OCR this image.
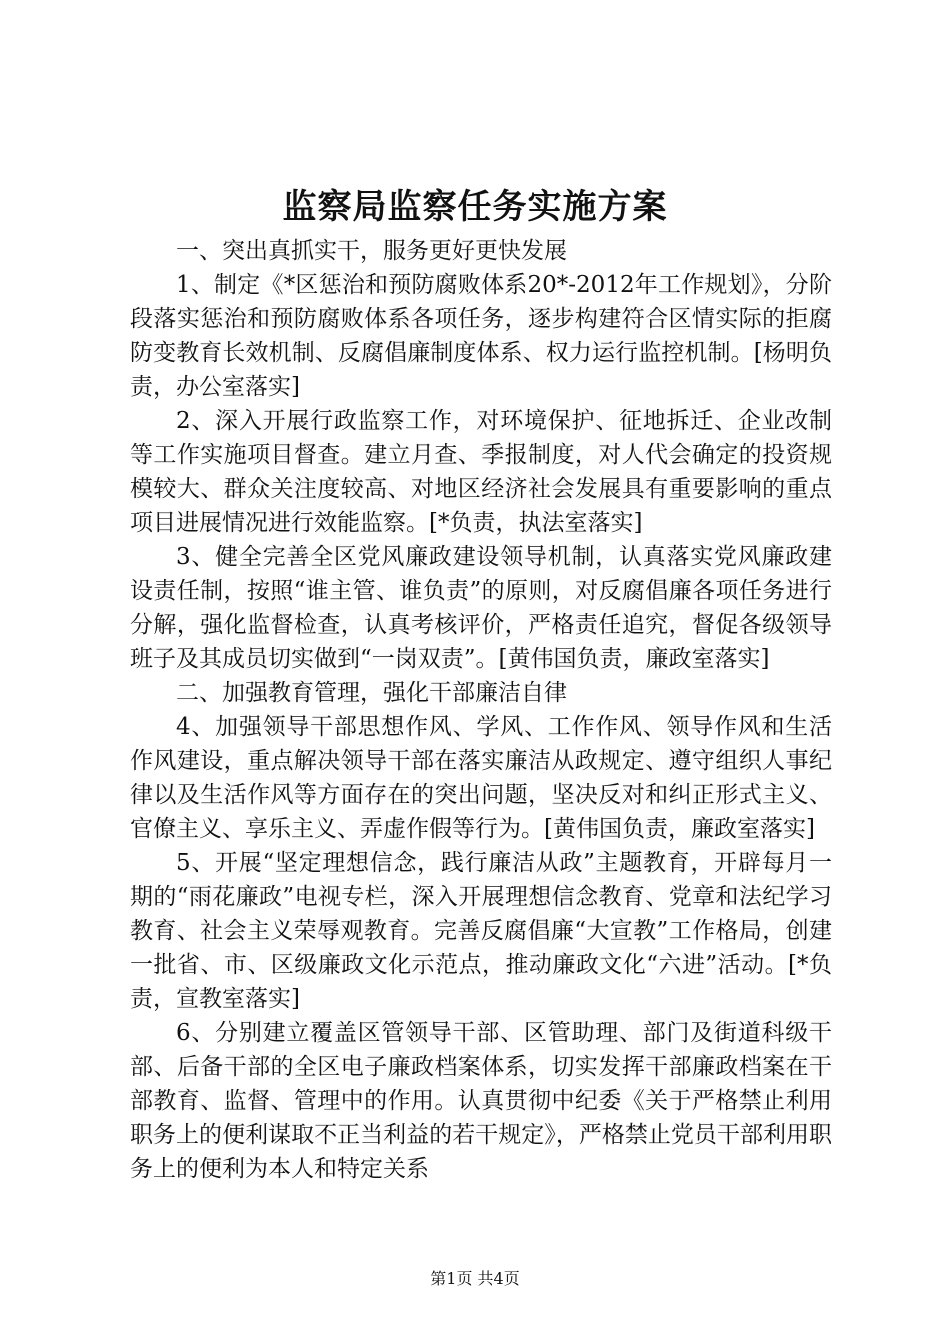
监察局监察任务实施方案

一、突出真抓实干，服务更好更快发展

1、制定《*区惩治和预防腐败体系20*-2012年工作规划》，分阶段落实惩治和预防腐败体系各项任务，逐步构建符合区情实际的拒腐防变教育长效机制、反腐倡廉制度体系、权力运行监控机制。[杨明负责，办公室落实]

2、深入开展行政监察工作，对环境保护、征地拆迁、企业改制等工作实施项目督查。建立月查、季报制度，对人代会确定的投资规模较大、群众关注度较高、对地区经济社会发展具有重要影响的重点项目进展情况进行效能监察。[*负责，执法室落实]

3、健全完善全区党风廉政建设领导机制，认真落实党风廉政建设责任制，按照“谁主管、谁负责”的原则，对反腐倡廉各项任务进行分解，强化监督检查，认真考核评价，严格责任追究，督促各级领导班子及其成员切实做到“一岗双责”。[黄伟国负责，廉政室落实]

二、加强教育管理，强化干部廉洁自律

4、加强领导干部思想作风、学风、工作作风、领导作风和生活作风建设，重点解决领导干部在落实廉洁从政规定、遵守组织人事纪律以及生活作风等方面存在的突出问题，坚决反对和纠正形式主义、官僚主义、享乐主义、弄虚作假等行为。[黄伟国负责，廉政室落实]

5、开展“坚定理想信念，践行廉洁从政”主题教育，开辟每月一期的“雨花廉政”电视专栏，深入开展理想信念教育、党章和法纪学习教育、社会主义荣辱观教育。完善反腐倡廉“大宣教”工作格局，创建一批省、市、区级廉政文化示范点，推动廉政文化“六进”活动。[*负责，宣教室落实]

6、分别建立覆盖区管领导干部、区管助理、部门及街道科级干部、后备干部的全区电子廉政档案体系，切实发挥干部廉政档案在干部教育、监督、管理中的作用。认真贯彻中纪委《关于严格禁止利用职务上的便利谋取不正当利益的若干规定》，严格禁止党员干部利用职务上的便利为本人和特定关系

第1页 共4页
